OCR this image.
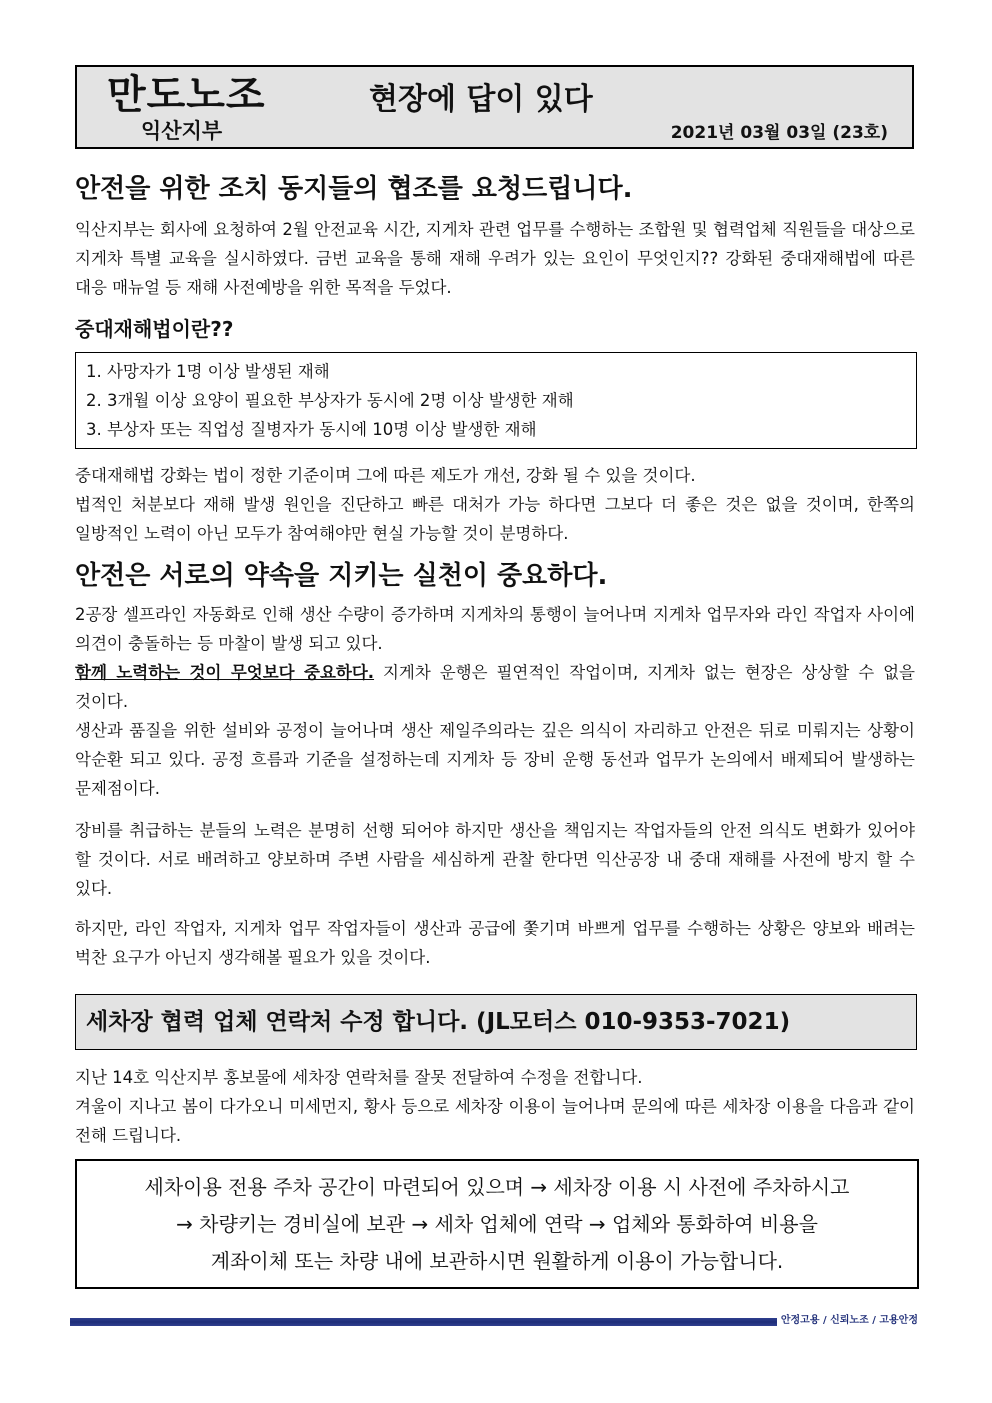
만도노조
익산지부
현장에 답이 있다
2021년 03월 03일 (23호)
안전을 위한 조치 동지들의 협조를 요청드립니다.

익산지부는 회사에 요청하여 2월 안전교육 시간, 지게차 관련 업무를 수행하는 조합원 및 협력업체 직원들을 대상으로 지게차 특별 교육을 실시하였다. 금번 교육을 통해 재해 우려가 있는 요인이 무엇인지?? 강화된 중대재해법에 따른 대응 매뉴얼 등 재해 사전예방을 위한 목적을 두었다.

중대재해법이란??
1. 사망자가 1명 이상 발생된 재해
2. 3개월 이상 요양이 필요한 부상자가 동시에 2명 이상 발생한 재해
3. 부상자 또는 직업성 질병자가 동시에 10명 이상 발생한 재해

중대재해법 강화는 법이 정한 기준이며 그에 따른 제도가 개선, 강화 될 수 있을 것이다.

법적인 처분보다 재해 발생 원인을 진단하고 빠른 대처가 가능 하다면 그보다 더 좋은 것은 없을 것이며, 한쪽의 일방적인 노력이 아닌 모두가 참여해야만 현실 가능할 것이 분명하다.

안전은 서로의 약속을 지키는 실천이 중요하다.

2공장 셀프라인 자동화로 인해 생산 수량이 증가하며 지게차의 통행이 늘어나며 지게차 업무자와 라인 작업자 사이에 의견이 충돌하는 등 마찰이 발생 되고 있다.

함께 노력하는 것이 무엇보다 중요하다. 지게차 운행은 필연적인 작업이며, 지게차 없는 현장은 상상할 수 없을 것이다.

생산과 품질을 위한 설비와 공정이 늘어나며 생산 제일주의라는 깊은 의식이 자리하고 안전은 뒤로 미뤄지는 상황이 악순환 되고 있다. 공정 흐름과 기준을 설정하는데 지게차 등 장비 운행 동선과 업무가 논의에서 배제되어 발생하는 문제점이다.

장비를 취급하는 분들의 노력은 분명히 선행 되어야 하지만 생산을 책임지는 작업자들의 안전 의식도 변화가 있어야 할 것이다. 서로 배려하고 양보하며 주변 사람을 세심하게 관찰 한다면 익산공장 내 중대 재해를 사전에 방지 할 수 있다.

하지만, 라인 작업자, 지게차 업무 작업자들이 생산과 공급에 쫓기며 바쁘게 업무를 수행하는 상황은 양보와 배려는 벅찬 요구가 아닌지 생각해볼 필요가 있을 것이다.

세차장 협력 업체 연락처 수정 합니다. (JL모터스 010-9353-7021)

지난 14호 익산지부 홍보물에 세차장 연락처를 잘못 전달하여 수정을 전합니다.

겨울이 지나고 봄이 다가오니 미세먼지, 황사 등으로 세차장 이용이 늘어나며 문의에 따른 세차장 이용을 다음과 같이 전해 드립니다.

세차이용 전용 주차 공간이 마련되어 있으며 → 세차장 이용 시 사전에 주차하시고
→ 차량키는 경비실에 보관 → 세차 업체에 연락 → 업체와 통화하여 비용을
계좌이체 또는 차량 내에 보관하시면 원활하게 이용이 가능합니다.
안정고용 / 신뢰노조 / 고용안정
